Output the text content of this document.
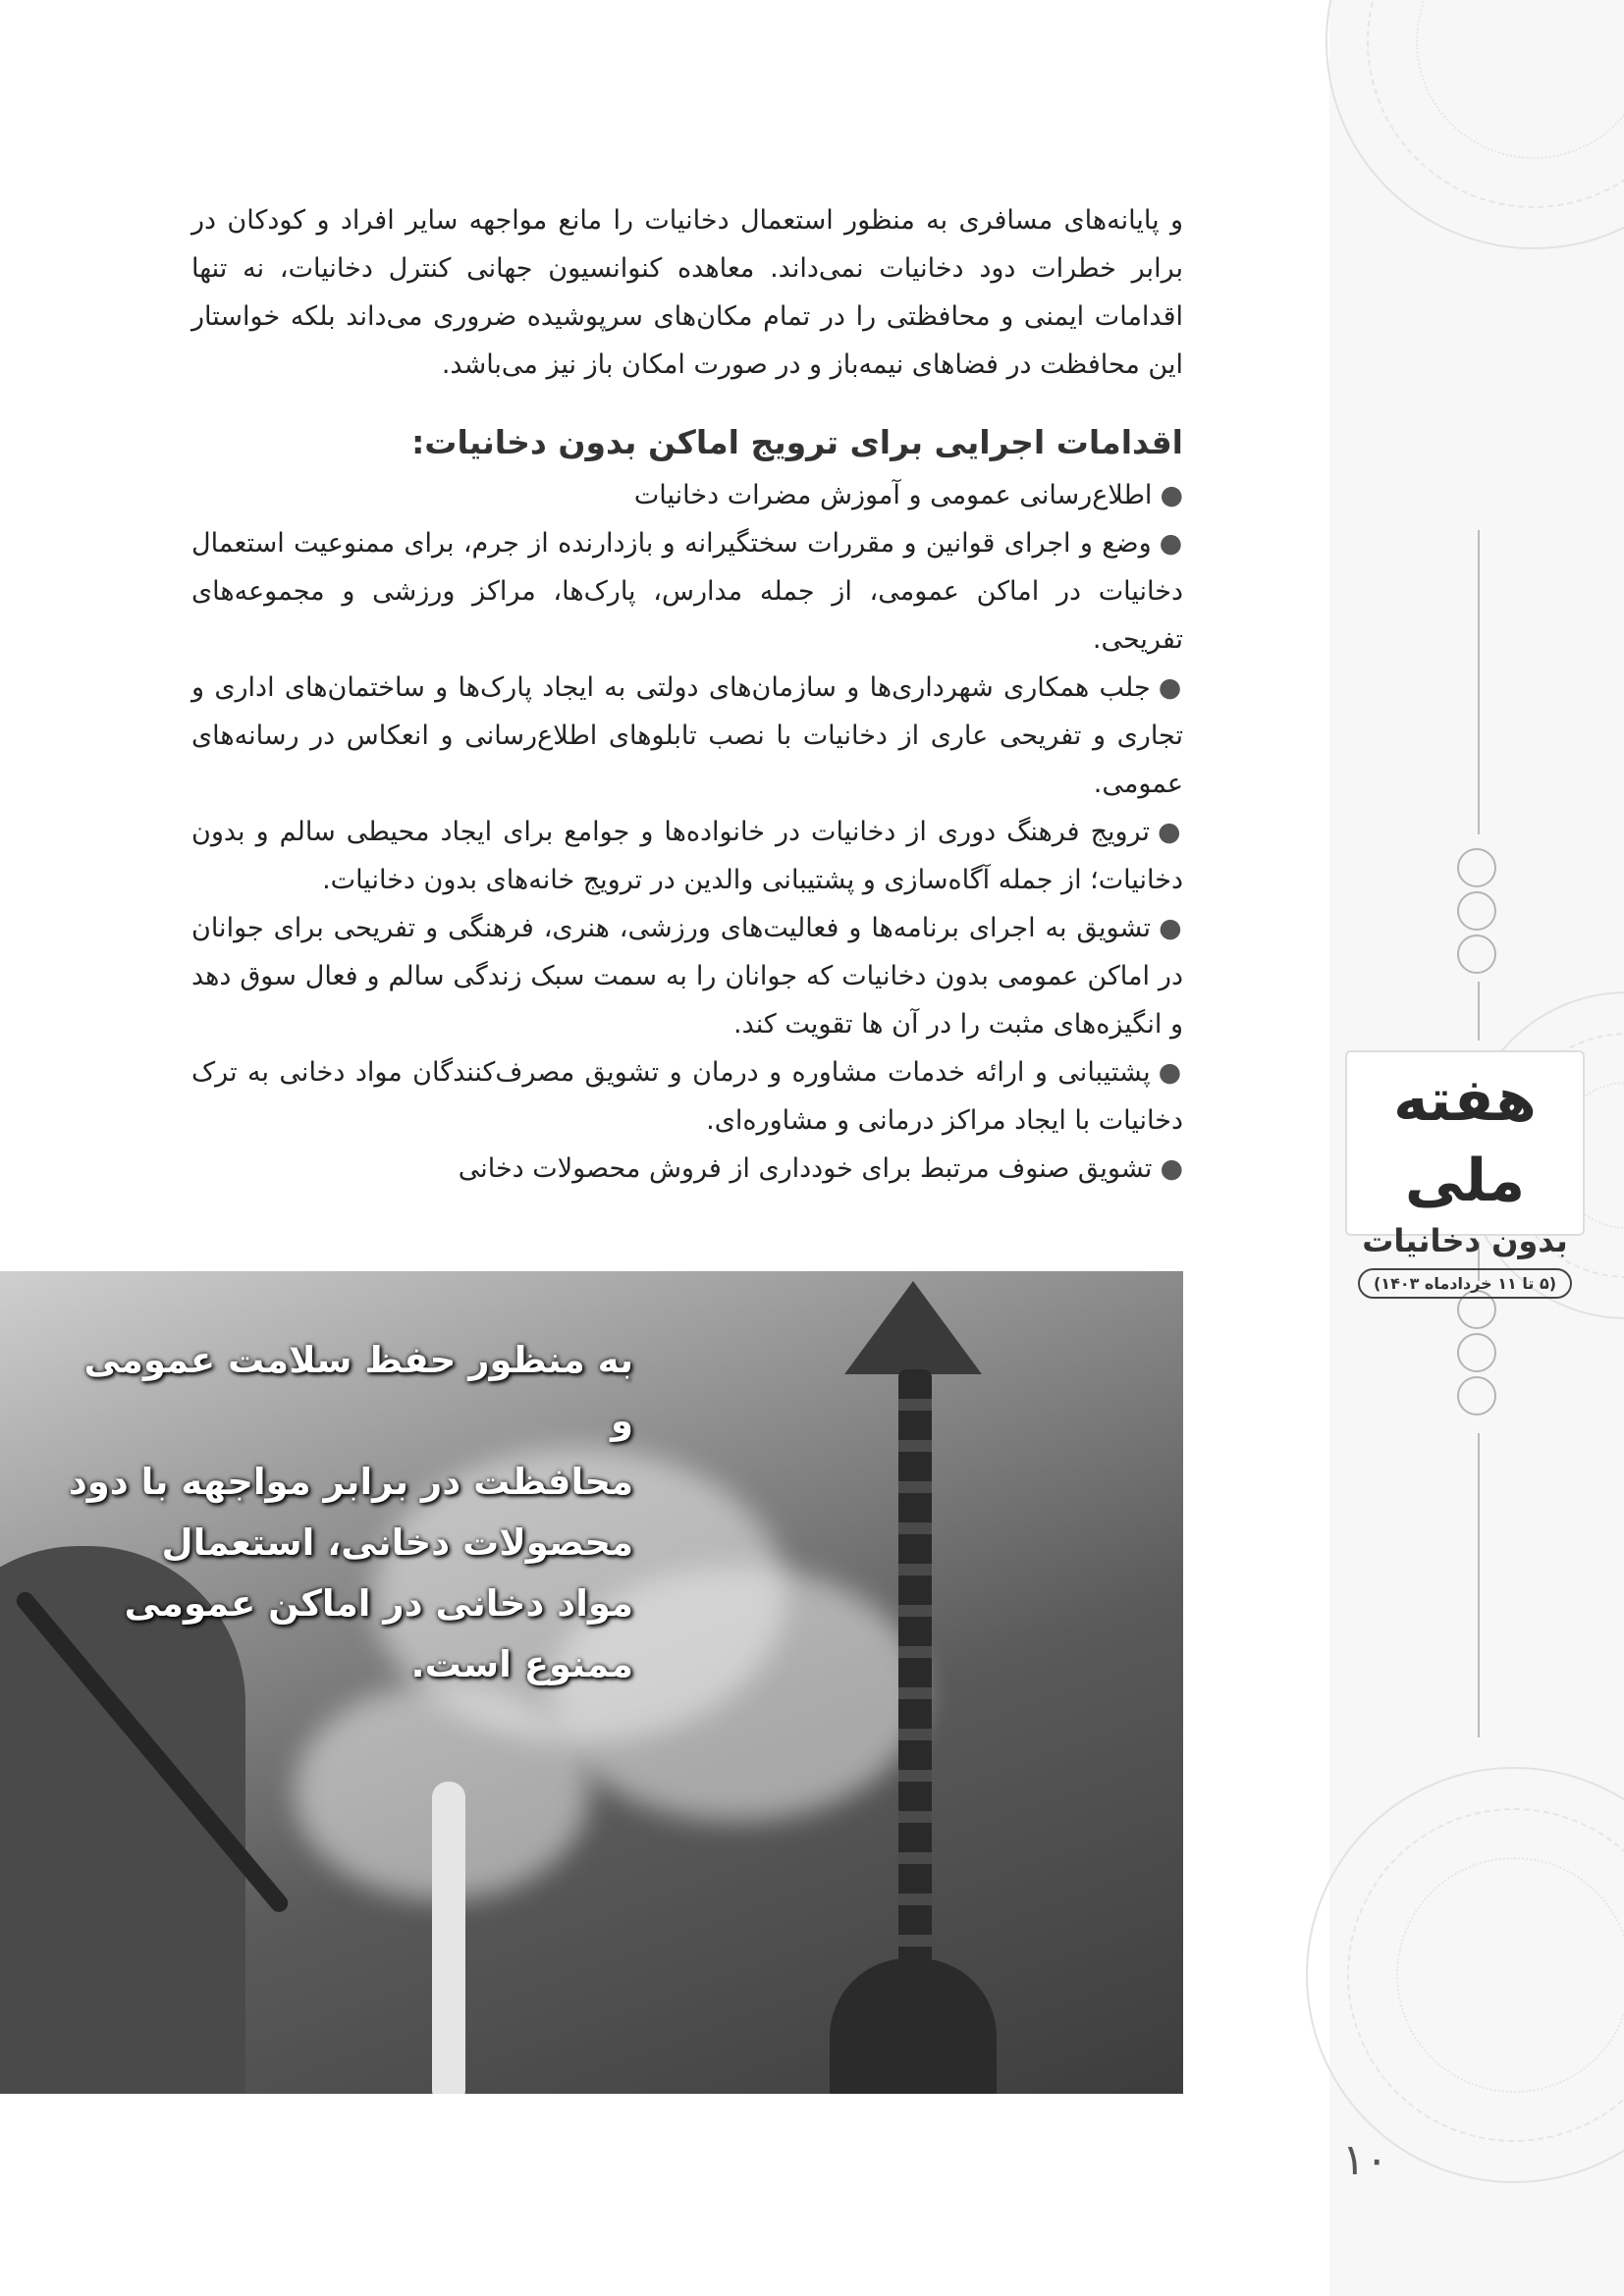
هفته ملی
بدون دخانیات
(۵ تا ۱۱ خردادماه ۱۴۰۳)

و پایانه‌های مسافری به منظور استعمال دخانیات را مانع مواجهه سایر افراد و کودکان در برابر خطرات دود دخانیات نمی‌داند. معاهده کنوانسیون جهانی کنترل دخانیات، نه تنها اقدامات ایمنی و محافظتی را در تمام مکان‌های سرپوشیده ضروری می‌داند بلکه خواستار این محافظت در فضاهای نیمه‌باز و در صورت امکان باز نیز می‌باشد.

اقدامات اجرایی برای ترویج اماکن بدون دخانیات:
●اطلاع‌رسانی عمومی و آموزش مضرات دخانیات
●وضع و اجرای قوانین و مقررات سختگیرانه و بازدارنده از جرم، برای ممنوعیت استعمال دخانیات در اماکن عمومی، از جمله مدارس، پارک‌ها، مراکز ورزشی و مجموعه‌های تفریحی.
●جلب همکاری شهرداری‌ها و سازمان‌های دولتی به ایجاد پارک‌ها و ساختمان‌های اداری و تجاری و تفریحی عاری از دخانیات با نصب تابلوهای اطلاع‌رسانی و انعکاس در رسانه‌های عمومی.
●ترویج فرهنگ دوری از دخانیات در خانواده‌ها و جوامع برای ایجاد محیطی سالم و بدون دخانیات؛ از جمله آگاه‌سازی و پشتیبانی والدین در ترویج خانه‌های بدون دخانیات.
●تشویق به اجرای برنامه‌ها و فعالیت‌های ورزشی، هنری، فرهنگی و تفریحی برای جوانان در اماکن عمومی بدون دخانیات که جوانان را به سمت سبک زندگی سالم و فعال سوق دهد و انگیزه‌های مثبت را در آن ها تقویت کند.
●پشتیبانی و ارائه خدمات مشاوره و درمان و تشویق مصرف‌کنندگان مواد دخانی به ترک دخانیات با ایجاد مراکز درمانی و مشاوره‌ای.
●تشویق صنوف مرتبط برای خودداری از فروش محصولات دخانی
به منظور حفظ سلامت عمومی و
محافظت در برابر مواجهه با دود
محصولات دخانی، استعمال
مواد دخانی در اماکن عمومی
ممنوع است.
۱۰
